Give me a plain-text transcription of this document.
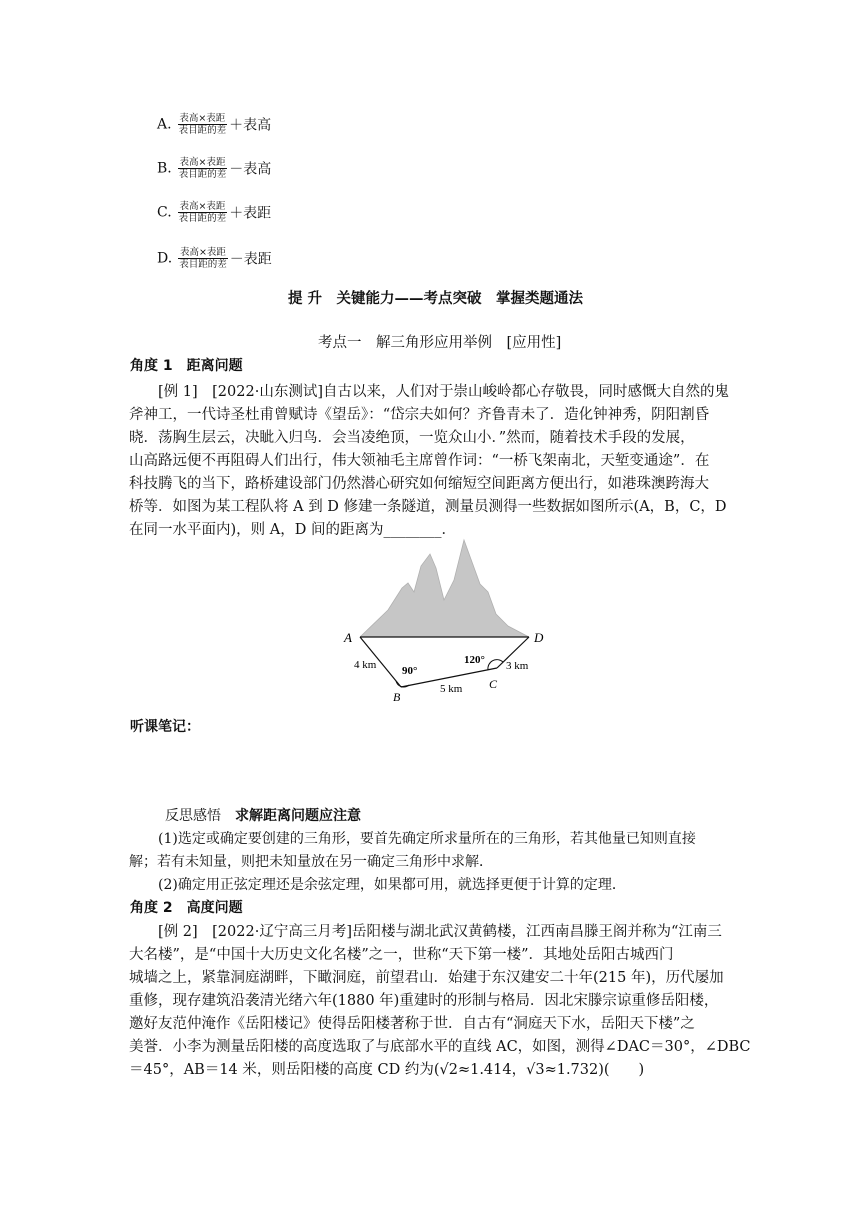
A. $\frac{\text{表高×表距}}{\text{表目距的差}}$ ＋表高
B. $\frac{\text{表高×表距}}{\text{表目距的差}}$ －表高
C. $\frac{\text{表高×表距}}{\text{表目距的差}}$ ＋表距
D. $\frac{\text{表高×表距}}{\text{表目距的差}}$ －表距
提 升　关键能力——考点突破　掌握类题通法
考点一　解三角形应用举例　[应用性]
角度 1　距离问题
[例 1]　[2022·山东测试]自古以来，人们对于崇山峻岭都心存敬畏，同时感慨大自然的鬼
斧神工，一代诗圣杜甫曾赋诗《望岳》：“岱宗夫如何？齐鲁青未了．造化钟神秀，阴阳割昏
晓．荡胸生层云，决眦入归鸟．会当凌绝顶，一览众山小．”然而，随着技术手段的发展，
山高路远便不再阻碍人们出行，伟大领袖毛主席曾作词：“一桥飞架南北，天堑变通途”．在
科技腾飞的当下，路桥建设部门仍然潜心研究如何缩短空间距离方便出行，如港珠澳跨海大
桥等．如图为某工程队将 A 到 D 修建一条隧道，测量员测得一些数据如图所示(A，B，C，D
在同一水平面内)，则 A，D 间的距离为________．
A	D
B
C
4 km
5 km
3 km
90°
120°
听课笔记：
反思感悟　求解距离问题应注意
(1)选定或确定要创建的三角形，要首先确定所求量所在的三角形，若其他量已知则直接
解；若有未知量，则把未知量放在另一确定三角形中求解．
(2)确定用正弦定理还是余弦定理，如果都可用，就选择更便于计算的定理．
角度 2　高度问题
[例 2]　[2022·辽宁高三月考]岳阳楼与湖北武汉黄鹤楼，江西南昌滕王阁并称为“江南三
大名楼”，是“中国十大历史文化名楼”之一，世称“天下第一楼”．其地处岳阳古城西门
城墙之上，紧靠洞庭湖畔，下瞰洞庭，前望君山．始建于东汉建安二十年(215 年)，历代屡加
重修，现存建筑沿袭清光绪六年(1880 年)重建时的形制与格局．因北宋滕宗谅重修岳阳楼，
邀好友范仲淹作《岳阳楼记》使得岳阳楼著称于世．自古有“洞庭天下水，岳阳天下楼”之
美誉．小李为测量岳阳楼的高度选取了与底部水平的直线 AC，如图，测得∠DAC＝30°，∠DBC
＝45°，AB＝14 米，则岳阳楼的高度 CD 约为(√2≈1.414，√3≈1.732)(　　)
